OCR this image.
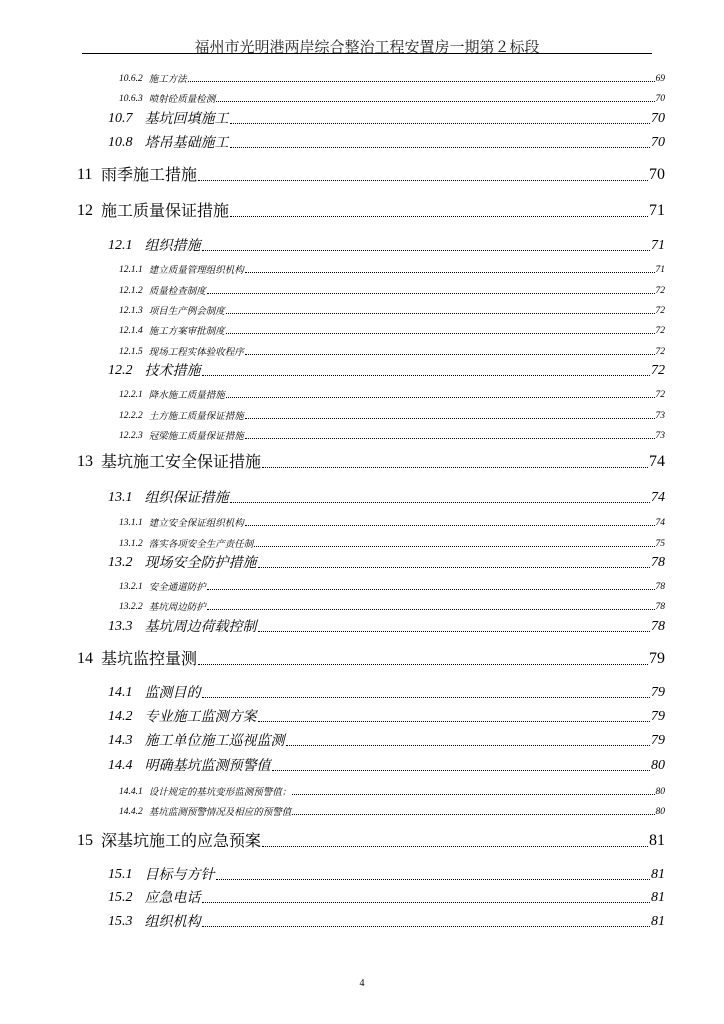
福州市光明港两岸综合整治工程安置房一期第２标段
10.6.2 施工方法	69
10.6.3 喷射砼质量检测	70
10.7 基坑回填施工	70
10.8 塔吊基础施工	70
11 雨季施工措施	70
12 施工质量保证措施	71
12.1 组织措施	71
12.1.1 建立质量管理组织机构	71
12.1.2 质量检查制度	72
12.1.3 项目生产例会制度	72
12.1.4 施工方案审批制度	72
12.1.5 现场工程实体验收程序	72
12.2 技术措施	72
12.2.1 降水施工质量措施	72
12.2.2 土方施工质量保证措施	73
12.2.3 冠梁施工质量保证措施	73
13 基坑施工安全保证措施	74
13.1 组织保证措施	74
13.1.1 建立安全保证组织机构	74
13.1.2 落实各项安全生产责任制	75
13.2 现场安全防护措施	78
13.2.1 安全通道防护	78
13.2.2 基坑周边防护	78
13.3 基坑周边荷载控制	78
14 基坑监控量测	79
14.1 监测目的	79
14.2 专业施工监测方案	79
14.3 施工单位施工巡视监测	79
14.4 明确基坑监测预警值	80
14.4.1 设计规定的基坑变形监测预警值：	80
14.4.2 基坑监测预警情况及相应的预警值	80
15 深基坑施工的应急预案	81
15.1 目标与方针	81
15.2 应急电话	81
15.3 组织机构	81
4
